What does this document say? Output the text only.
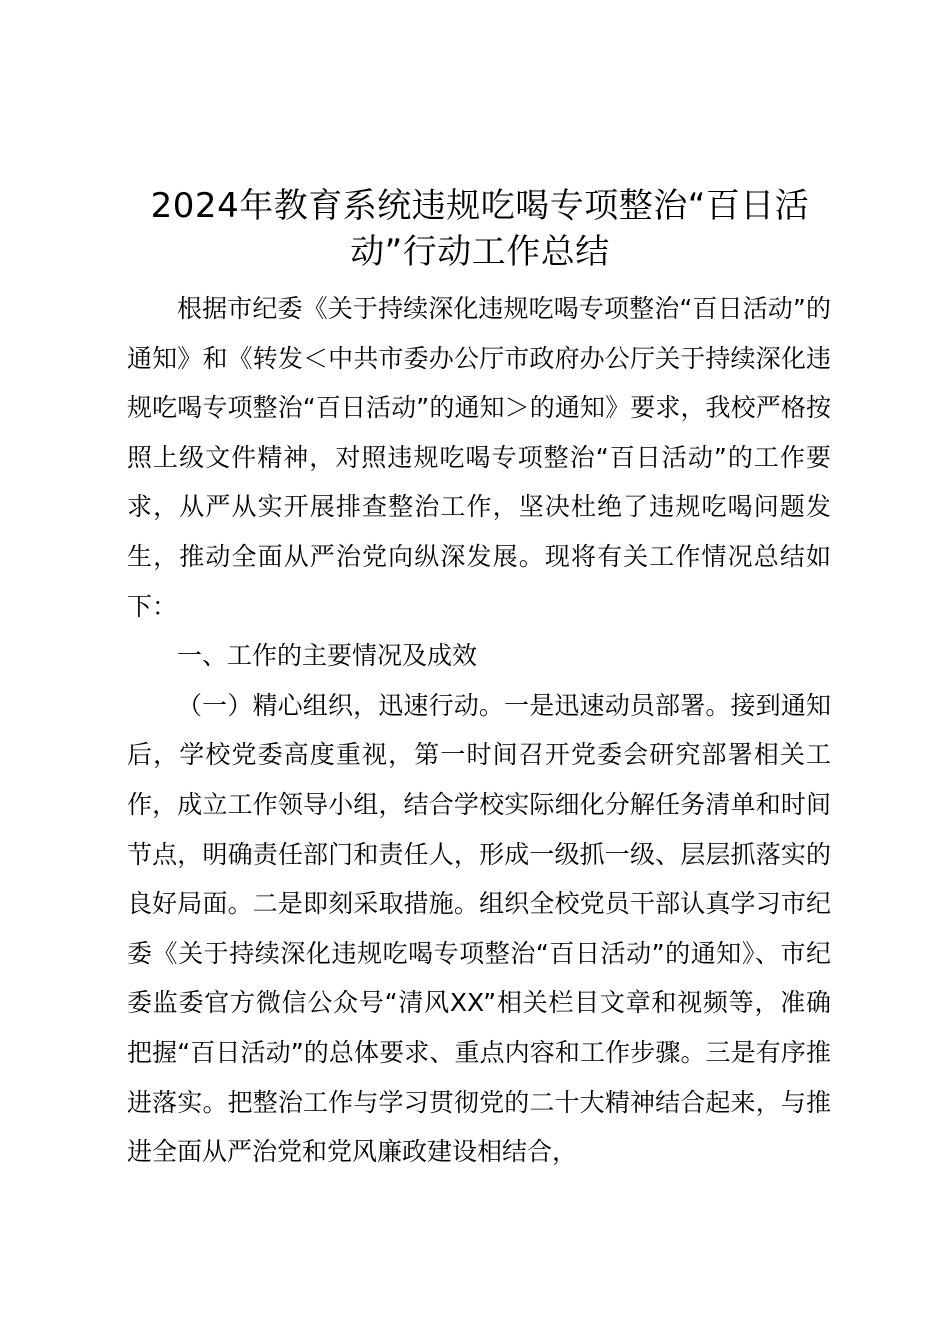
2024年教育系统违规吃喝专项整治“百日活动”行动工作总结

根据市纪委《关于持续深化违规吃喝专项整治“百日活动”的通知》和《转发＜中共市委办公厅市政府办公厅关于持续深化违规吃喝专项整治“百日活动”的通知＞的通知》要求，我校严格按照上级文件精神，对照违规吃喝专项整治“百日活动”的工作要求，从严从实开展排查整治工作，坚决杜绝了违规吃喝问题发生，推动全面从严治党向纵深发展。现将有关工作情况总结如下：

一、工作的主要情况及成效

（一）精心组织，迅速行动。一是迅速动员部署。接到通知后，学校党委高度重视，第一时间召开党委会研究部署相关工作，成立工作领导小组，结合学校实际细化分解任务清单和时间节点，明确责任部门和责任人，形成一级抓一级、层层抓落实的良好局面。二是即刻采取措施。组织全校党员干部认真学习市纪委《关于持续深化违规吃喝专项整治“百日活动”的通知》、市纪委监委官方微信公众号“清风XX”相关栏目文章和视频等，准确把握“百日活动”的总体要求、重点内容和工作步骤。三是有序推进落实。把整治工作与学习贯彻党的二十大精神结合起来，与推进全面从严治党和党风廉政建设相结合，
